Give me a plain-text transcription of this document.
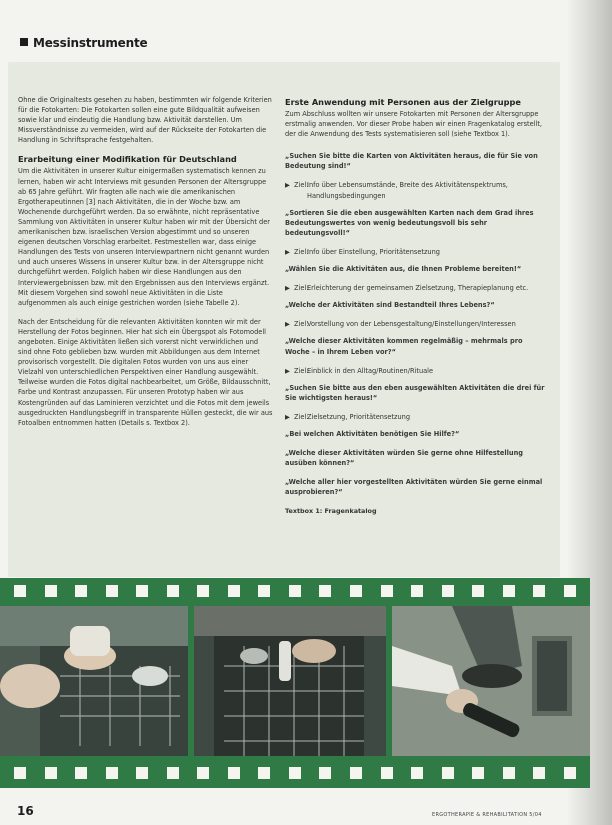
Messinstrumente

Ohne die Originaltests gesehen zu haben, bestimmten wir folgende Kriterien für die Fotokarten: Die Fotokarten sollen eine gute Bildqualität aufweisen sowie klar und eindeutig die Handlung bzw. Aktivität darstellen. Um Missverständnisse zu vermeiden, wird auf der Rückseite der Fotokarten die Handlung in Schriftsprache festgehalten.

Erarbeitung einer Modifikation für Deutschland

Um die Aktivitäten in unserer Kultur einigermaßen systematisch kennen zu lernen, haben wir acht Interviews mit gesunden Personen der Altersgruppe ab 65 Jahre geführt. Wir fragten alle nach wie die amerikanischen Ergotherapeutinnen [3] nach Aktivitäten, die in der Woche bzw. am Wochenende durchgeführt werden. Da so erwähnte, nicht repräsentative Sammlung von Aktivitäten in unserer Kultur haben wir mit der Übersicht der amerikanischen bzw. israelischen Version abgestimmt und so unseren eigenen deutschen Vorschlag erarbeitet. Festmestellen war, dass einige Handlungen des Tests von unseren Interviewpartnern nicht genannt wurden und auch unseres Wissens in unserer Kultur bzw. in der Altersgruppe nicht durchgeführt werden. Folglich haben wir diese Handlungen aus den Interviewergebnissen bzw. mit den Ergebnissen aus den Interviews ergänzt. Mit diesem Vorgehen sind sowohl neue Aktivitäten in die Liste aufgenommen als auch einige gestrichen worden (siehe Tabelle 2).

Nach der Entscheidung für die relevanten Aktivitäten konnten wir mit der Herstellung der Fotos beginnen. Hier hat sich ein Übergspot als Fotomodell angeboten. Einige Aktivitäten ließen sich vorerst nicht verwirklichen und sind ohne Foto geblieben bzw. wurden mit Abbildungen aus dem Internet provisorisch vorgestellt. Die digitalen Fotos wurden von uns aus einer Vielzahl von unterschiedlichen Perspektiven einer Handlung ausgewählt. Teilweise wurden die Fotos digital nachbearbeitet, um Größe, Bildausschnitt, Farbe und Kontrast anzupassen. Für unseren Prototyp haben wir aus Kostengründen auf das Laminieren verzichtet und die Fotos mit dem jeweils ausgedruckten Handlungsbegriff in transparente Hüllen gesteckt, die wir aus Fotoalben entnommen hatten (Details s. Textbox 2).

Erste Anwendung mit Personen aus der Zielgruppe

Zum Abschluss wollten wir unsere Fotokarten mit Personen der Altersgruppe erstmalig anwenden. Vor dieser Probe haben wir einen Fragenkatalog erstellt, der die Anwendung des Tests systematisieren soll (siehe Textbox 1).

„Suchen Sie bitte die Karten von Aktivitäten heraus, die für Sie von Bedeutung sind!“

▶ Ziel:
Info über Lebensumstände, Breite des Aktivitätenspektrums, Handlungsbedingungen

„Sortieren Sie die eben ausgewählten Karten nach dem Grad ihres Bedeutungswertes von wenig bedeutungsvoll bis sehr bedeutungsvoll!“

▶ Ziel:
Info über Einstellung, Prioritätensetzung

„Wählen Sie die Aktivitäten aus, die Ihnen Probleme bereiten!“

▶ Ziel:
Erleichterung der gemeinsamen Zielsetzung, Therapieplanung etc.

„Welche der Aktivitäten sind Bestandteil Ihres Lebens?“

▶ Ziel:
Vorstellung von der Lebensgestaltung/Einstellungen/Interessen

„Welche dieser Aktivitäten kommen regelmäßig – mehrmals pro Woche – in Ihrem Leben vor?“

▶ Ziel:
Einblick in den Alltag/Routinen/Rituale

„Suchen Sie bitte aus den eben ausgewählten Aktivitäten die drei für Sie wichtigsten heraus!“

▶ Ziel:
Zielsetzung, Prioritätensetzung

„Bei welchen Aktivitäten benötigen Sie Hilfe?“

„Welche dieser Aktivitäten würden Sie gerne ohne Hilfestellung ausüben können?“

„Welche aller hier vorgestellten Aktivitäten würden Sie gerne einmal ausprobieren?“

Textbox 1: Fragenkatalog
16	ERGOTHERAPIE & REHABILITATION 5/04
